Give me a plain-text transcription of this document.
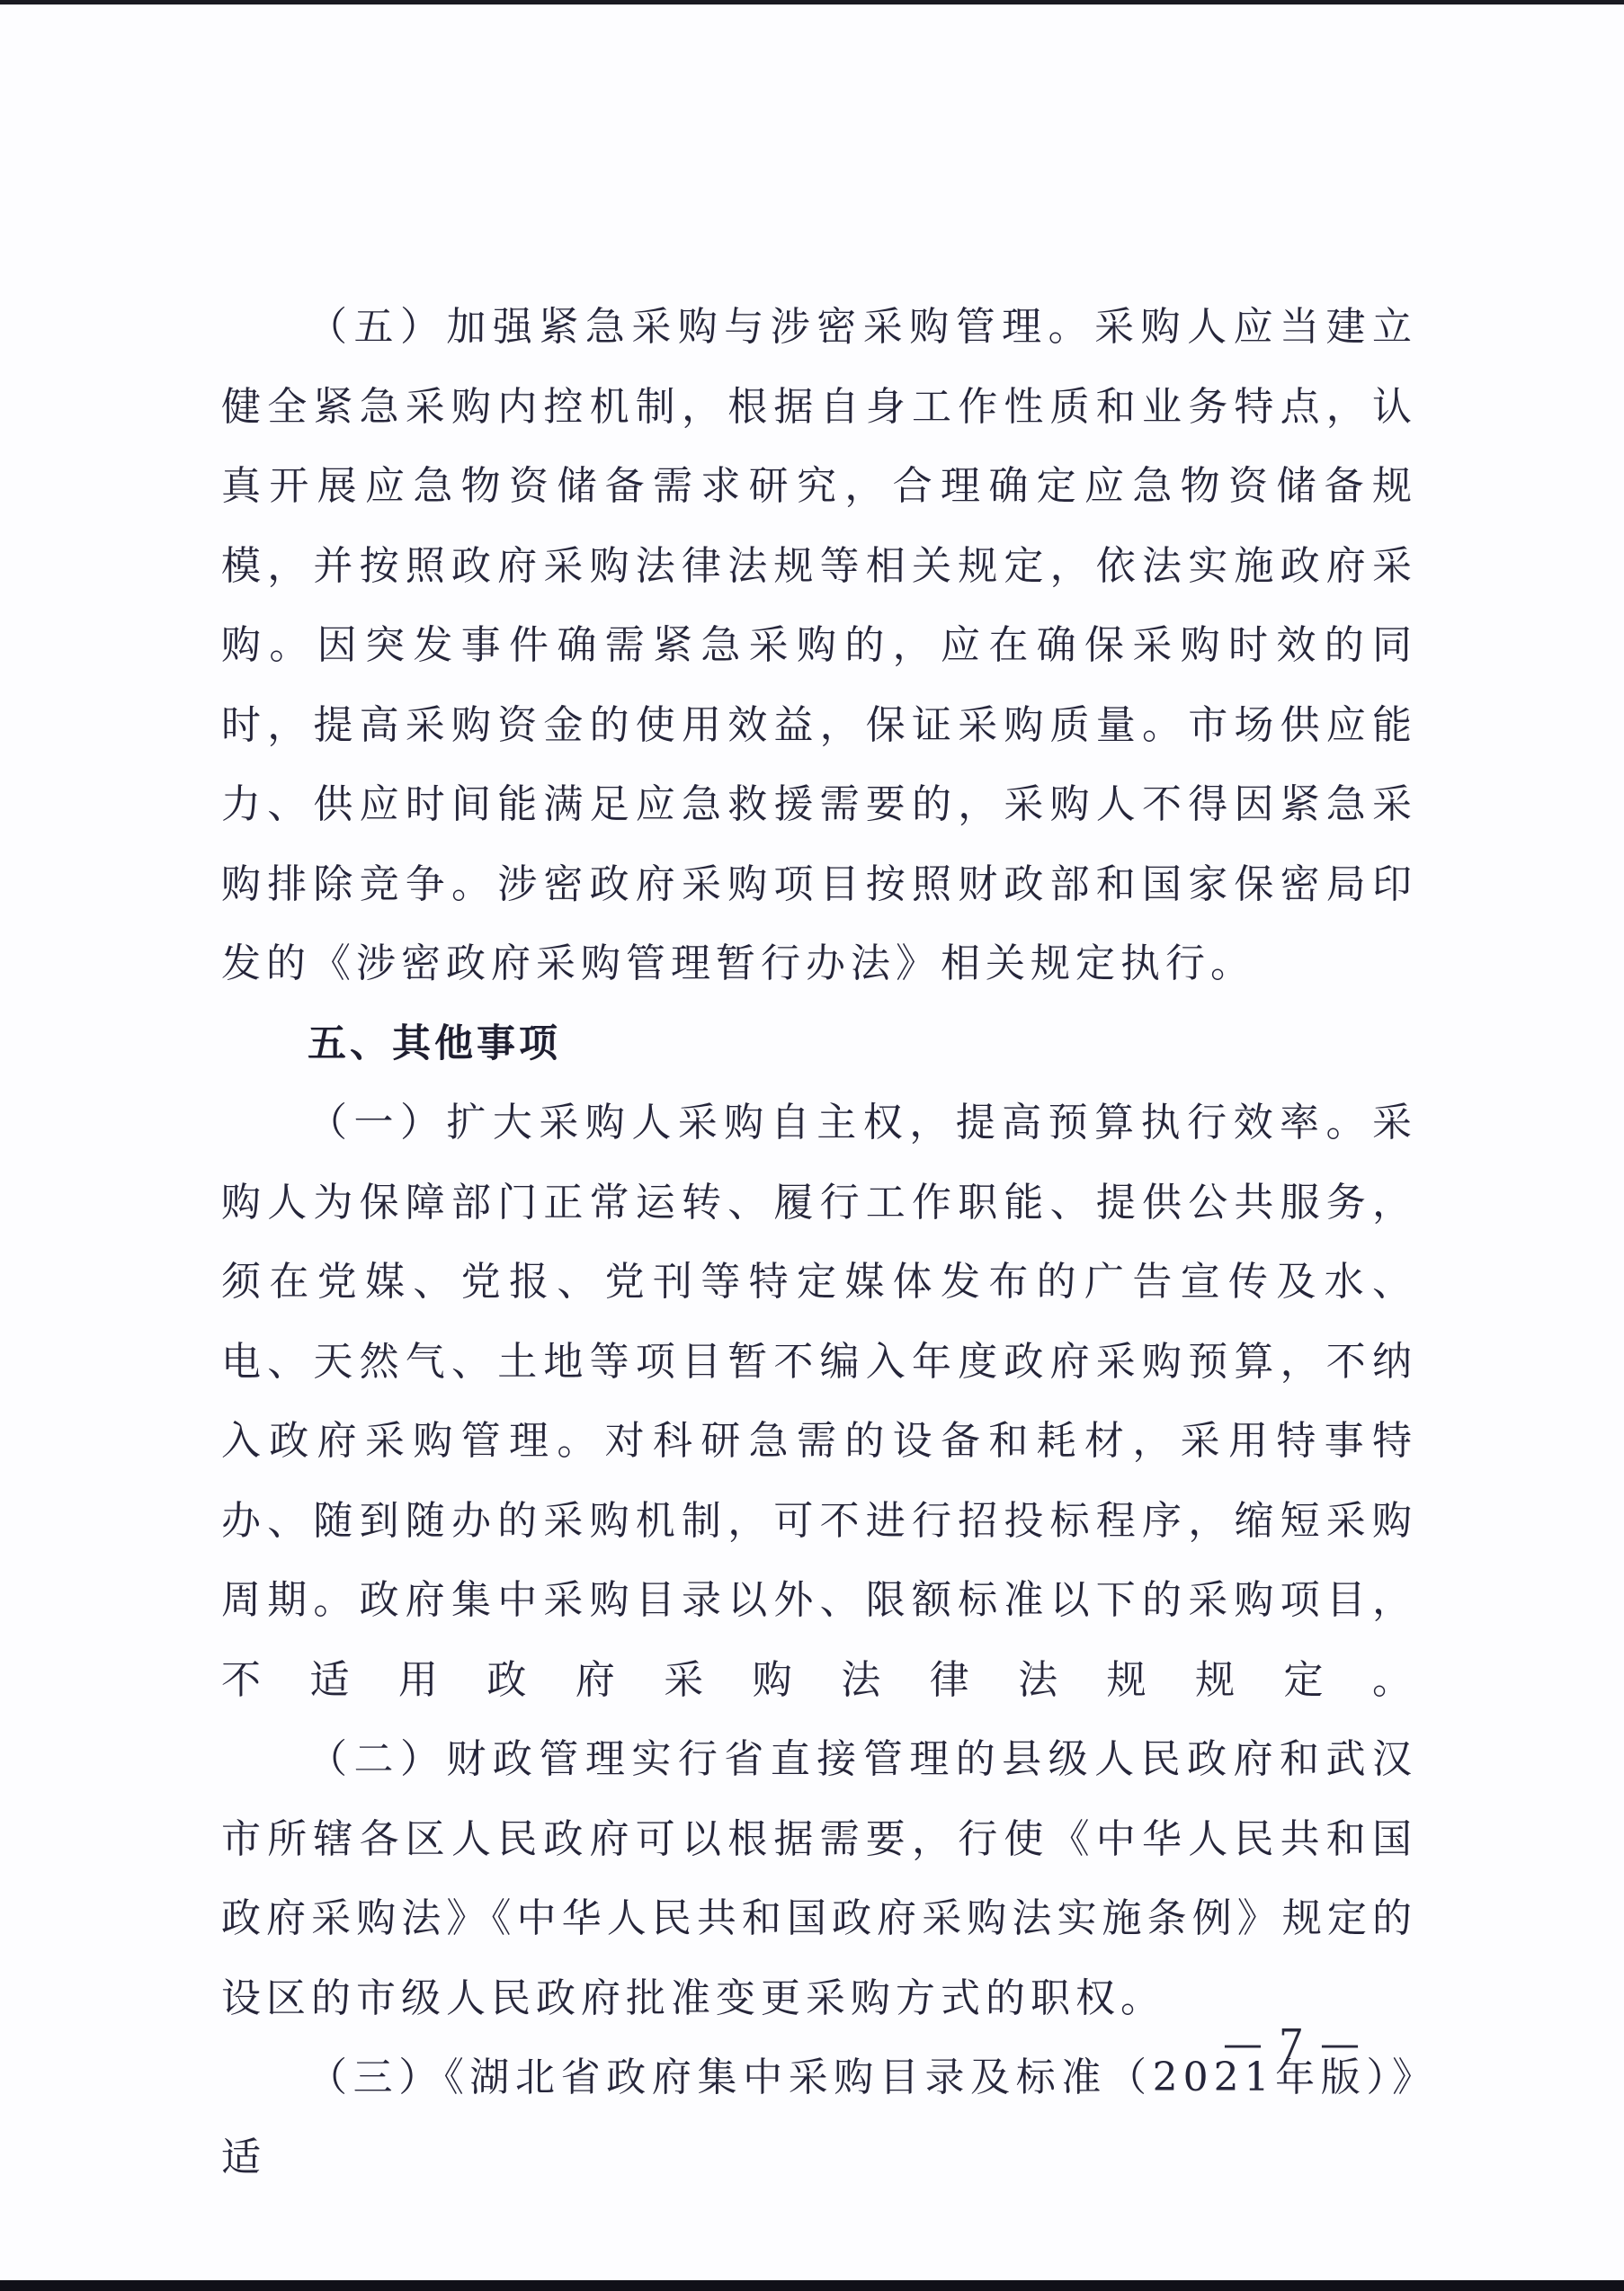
（五）加强紧急采购与涉密采购管理。采购人应当建立健全紧急采购内控机制，根据自身工作性质和业务特点，认真开展应急物资储备需求研究，合理确定应急物资储备规模，并按照政府采购法律法规等相关规定，依法实施政府采购。因突发事件确需紧急采购的，应在确保采购时效的同时，提高采购资金的使用效益，保证采购质量。市场供应能力、供应时间能满足应急救援需要的，采购人不得因紧急采购排除竞争。涉密政府采购项目按照财政部和国家保密局印发的《涉密政府采购管理暂行办法》相关规定执行。

五、其他事项

（一）扩大采购人采购自主权，提高预算执行效率。采购人为保障部门正常运转、履行工作职能、提供公共服务，须在党媒、党报、党刊等特定媒体发布的广告宣传及水、电、天然气、土地等项目暂不编入年度政府采购预算，不纳入政府采购管理。对科研急需的设备和耗材，采用特事特办、随到随办的采购机制，可不进行招投标程序，缩短采购周期。政府集中采购目录以外、限额标准以下的采购项目，不适用政府采购法律法规规定。

（二）财政管理实行省直接管理的县级人民政府和武汉市所辖各区人民政府可以根据需要，行使《中华人民共和国政府采购法》《中华人民共和国政府采购法实施条例》规定的设区的市级人民政府批准变更采购方式的职权。

（三）《湖北省政府集中采购目录及标准（2021年版）》适

— 7 —
